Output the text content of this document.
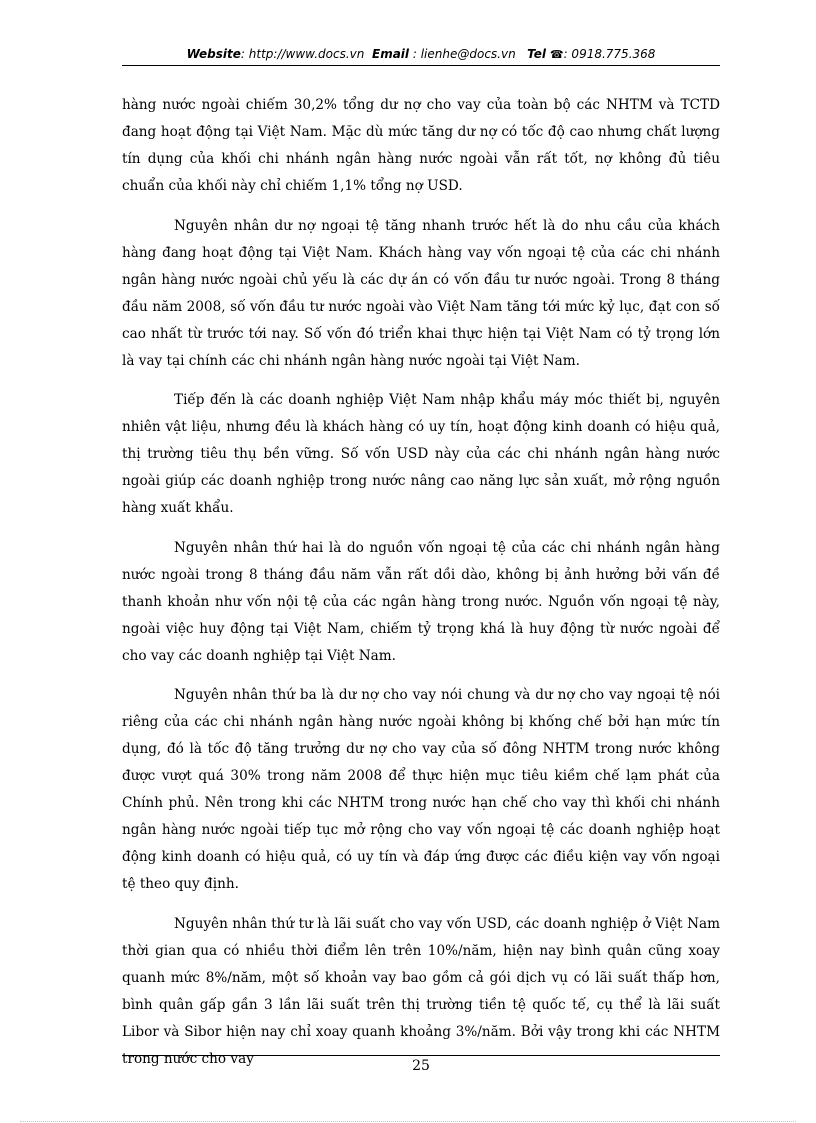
Website: http://www.docs.vn Email : lienhe@docs.vn Tel ☎: 0918.775.368

hàng nước ngoài chiếm 30,2% tổng dư nợ cho vay của toàn bộ các NHTM và TCTD đang hoạt động tại Việt Nam. Mặc dù mức tăng dư nợ có tốc độ cao nhưng chất lượng tín dụng của khối chi nhánh ngân hàng nước ngoài vẫn rất tốt, nợ không đủ tiêu chuẩn của khối này chỉ chiếm 1,1% tổng nợ USD.

Nguyên nhân dư nợ ngoại tệ tăng nhanh trước hết là do nhu cầu của khách hàng đang hoạt động tại Việt Nam. Khách hàng vay vốn ngoại tệ của các chi nhánh ngân hàng nước ngoài chủ yếu là các dự án có vốn đầu tư nước ngoài. Trong 8 tháng đầu năm 2008, số vốn đầu tư nước ngoài vào Việt Nam tăng tới mức kỷ lục, đạt con số cao nhất từ trước tới nay. Số vốn đó triển khai thực hiện tại Việt Nam có tỷ trọng lớn là vay tại chính các chi nhánh ngân hàng nước ngoài tại Việt Nam.

Tiếp đến là các doanh nghiệp Việt Nam nhập khẩu máy móc thiết bị, nguyên nhiên vật liệu, nhưng đều là khách hàng có uy tín, hoạt động kinh doanh có hiệu quả, thị trường tiêu thụ bền vững. Số vốn USD này của các chi nhánh ngân hàng nước ngoài giúp các doanh nghiệp trong nước nâng cao năng lực sản xuất, mở rộng nguồn hàng xuất khẩu.

Nguyên nhân thứ hai là do nguồn vốn ngoại tệ của các chi nhánh ngân hàng nước ngoài trong 8 tháng đầu năm vẫn rất dồi dào, không bị ảnh hưởng bởi vấn đề thanh khoản như vốn nội tệ của các ngân hàng trong nước. Nguồn vốn ngoại tệ này, ngoài việc huy động tại Việt Nam, chiếm tỷ trọng khá là huy động từ nước ngoài để cho vay các doanh nghiệp tại Việt Nam.

Nguyên nhân thứ ba là dư nợ cho vay nói chung và dư nợ cho vay ngoại tệ nói riêng của các chi nhánh ngân hàng nước ngoài không bị khống chế bởi hạn mức tín dụng, đó là tốc độ tăng trưởng dư nợ cho vay của số đông NHTM trong nước không được vượt quá 30% trong năm 2008 để thực hiện mục tiêu kiềm chế lạm phát của Chính phủ. Nên trong khi các NHTM trong nước hạn chế cho vay thì khối chi nhánh ngân hàng nước ngoài tiếp tục mở rộng cho vay vốn ngoại tệ các doanh nghiệp hoạt động kinh doanh có hiệu quả, có uy tín và đáp ứng được các điều kiện vay vốn ngoại tệ theo quy định.

Nguyên nhân thứ tư là lãi suất cho vay vốn USD, các doanh nghiệp ở Việt Nam thời gian qua có nhiều thời điểm lên trên 10%/năm, hiện nay bình quân cũng xoay quanh mức 8%/năm, một số khoản vay bao gồm cả gói dịch vụ có lãi suất thấp hơn, bình quân gấp gần 3 lần lãi suất trên thị trường tiền tệ quốc tế, cụ thể là lãi suất Libor và Sibor hiện nay chỉ xoay quanh khoảng 3%/năm. Bởi vậy trong khi các NHTM trong nước cho vay	25
